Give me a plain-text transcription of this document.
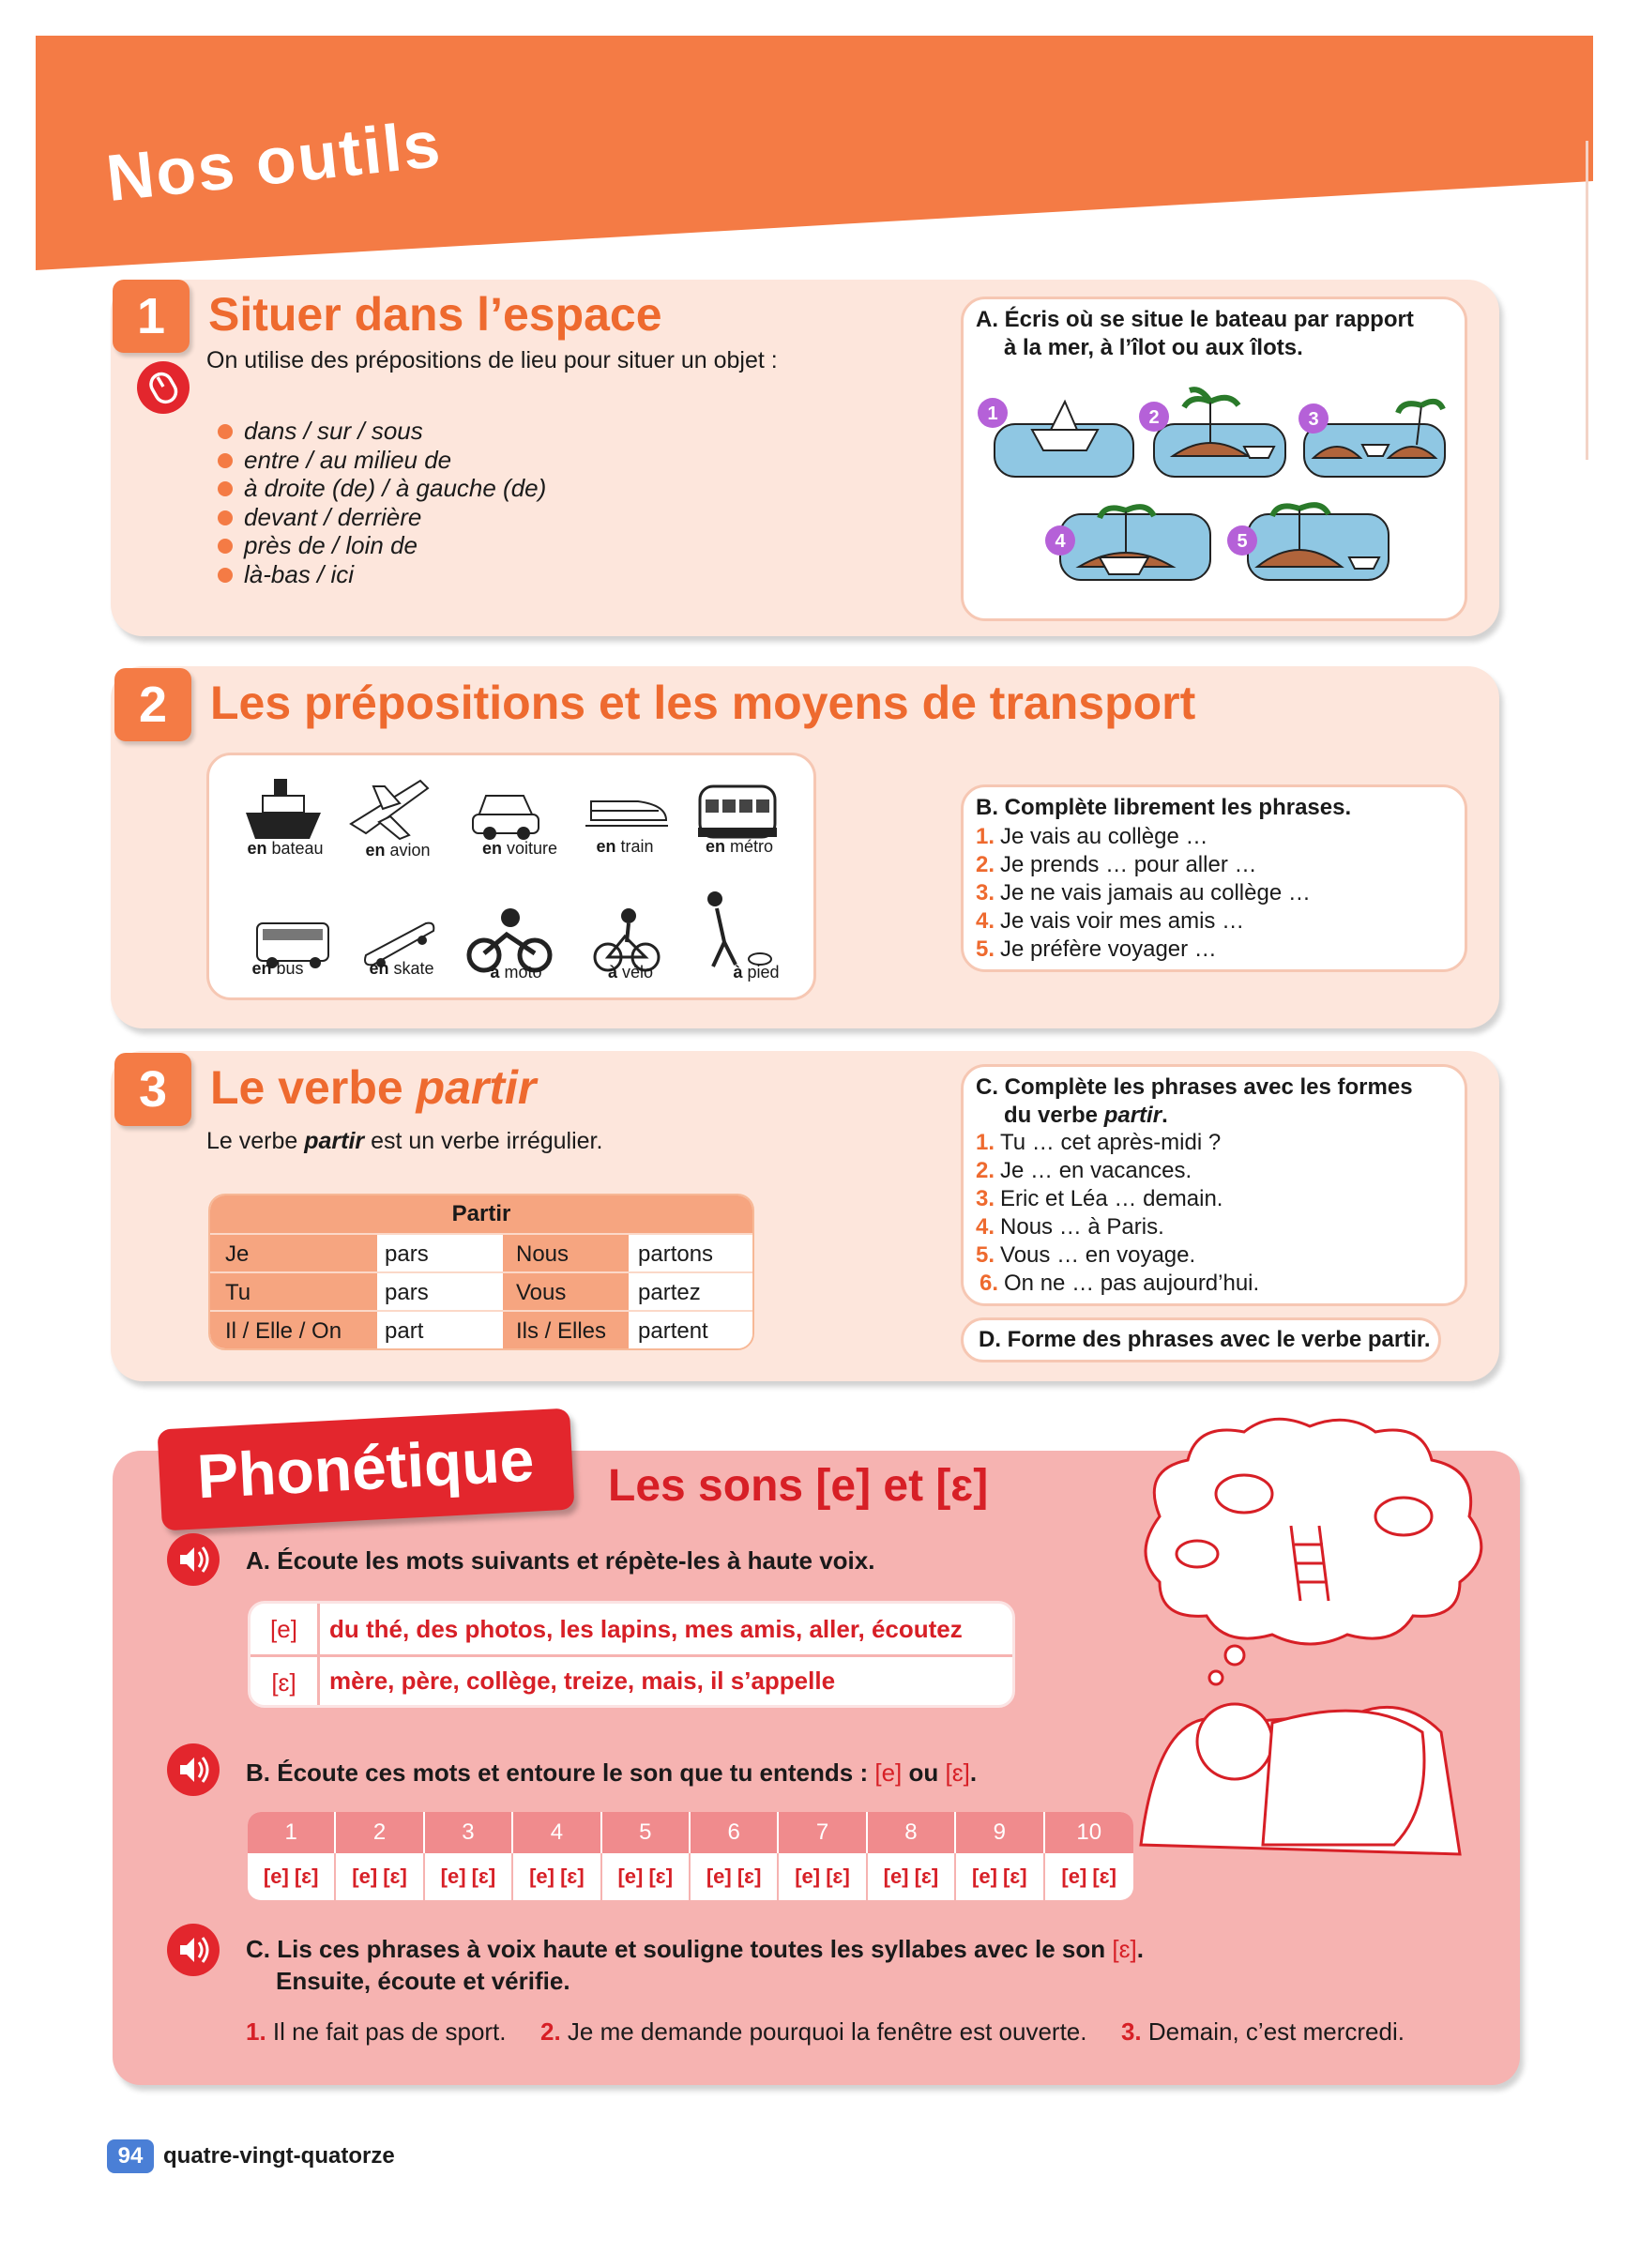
Nos outils
1 Situer dans l’espace
On utilise des prépositions de lieu pour situer un objet :
dans / sur / sous
entre / au milieu de
à droite (de) / à gauche (de)
devant / derrière
près de / loin de
là-bas / ici
A. Écris où se situe le bateau par rapport
à la mer, à l’îlot ou aux îlots.
1	2	3
4	5
2 Les prépositions et les moyens de transport
en bateau	en avion	en voiture	en train	en métro
en bus	en skate	à moto	à vélo	à pied
B. Complète librement les phrases.
1. Je vais au collège …
2. Je prends … pour aller …
3. Je ne vais jamais au collège …
4. Je vais voir mes amis …
5. Je préfère voyager …
3 Le verbe partir
Le verbe partir est un verbe irrégulier.
Partir
Je	pars	Nous	partons
Tu	pars	Vous	partez
Il / Elle / On	part	Ils / Elles	partent
C. Complète les phrases avec les formes
du verbe partir.
1. Tu … cet après-midi ?
2. Je … en vacances.
3. Eric et Léa … demain.
4. Nous … à Paris.
5. Vous … en voyage.
6. On ne … pas aujourd’hui.
D. Forme des phrases avec le verbe partir.
Phonétique Les sons [e] et [ɛ]
A. Écoute les mots suivants et répète-les à haute voix.
[e]	du thé, des photos, les lapins, mes amis, aller, écoutez
[ɛ]	mère, père, collège, treize, mais, il s’appelle
B. Écoute ces mots et entoure le son que tu entends : [e] ou [ɛ].
1	2	3	4	5	6	7	8	9	10
[e] [ɛ]	[e] [ɛ]	[e] [ɛ]	[e] [ɛ]	[e] [ɛ]	[e] [ɛ]	[e] [ɛ]	[e] [ɛ]	[e] [ɛ]	[e] [ɛ]
C. Lis ces phrases à voix haute et souligne toutes les syllabes avec le son [ɛ].
Ensuite, écoute et vérifie.
1. Il ne fait pas de sport. 2. Je me demande pourquoi la fenêtre est ouverte. 3. Demain, c’est mercredi.
94 quatre-vingt-quatorze
